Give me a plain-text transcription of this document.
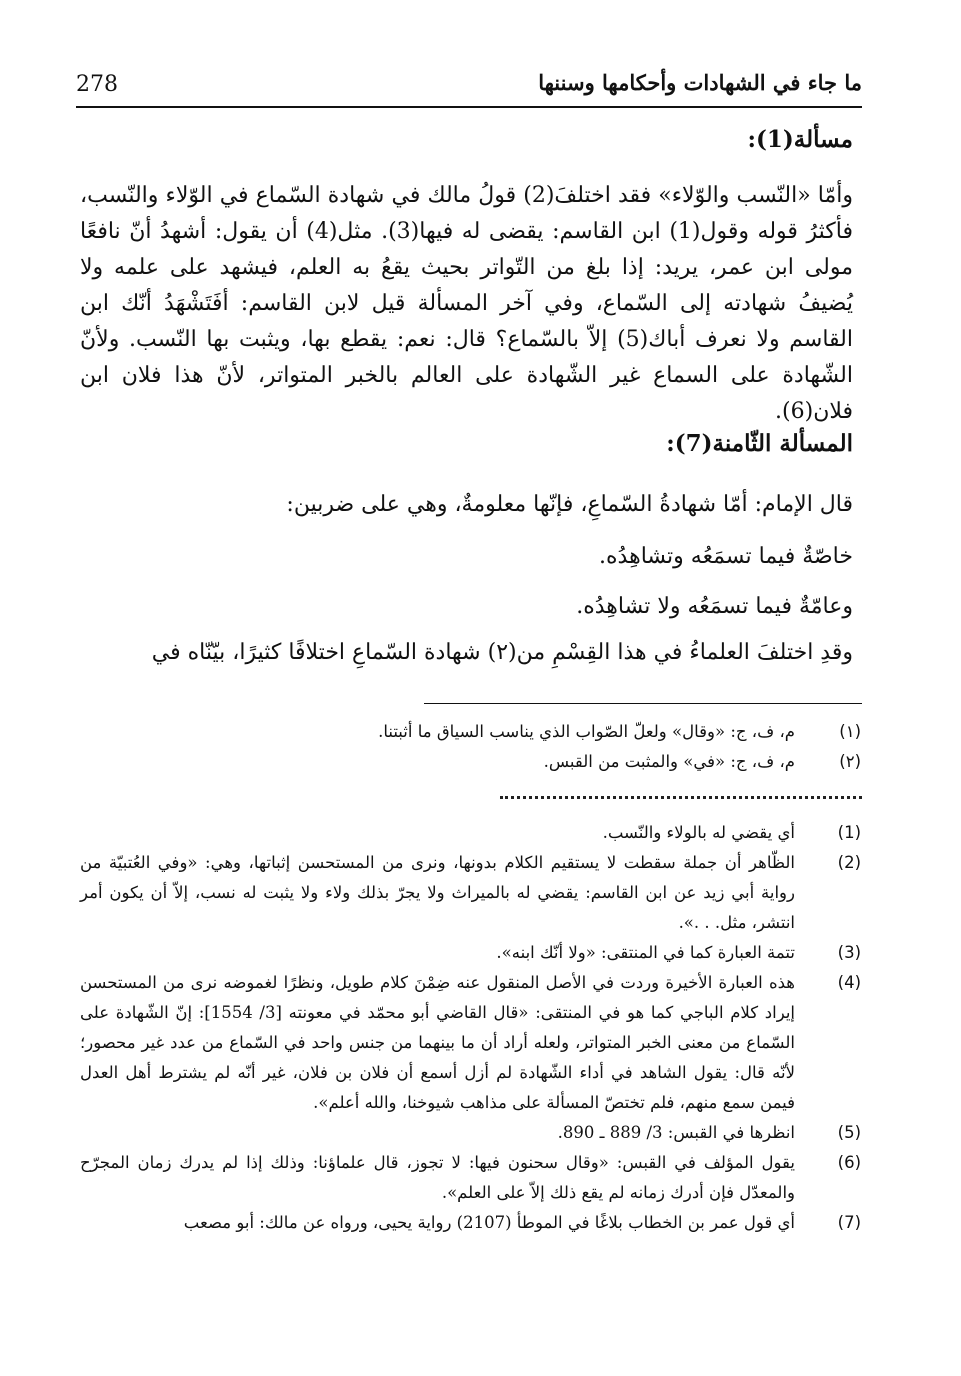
278	ما جاء في الشهادات وأحكامها وسننها
مسألة(1):
وأمّا «النّسب والوّلاء» فقد اختلفَ(2) قولُ مالك في شهادة السّماع في الوّلاء والنّسب، فأكثرُ قوله وقول(1) ابن القاسم: يقضى له فيها(3). مثل(4) أن يقول: أشهدُ أنّ نافعًا مولى ابن عمر، يريد: إذا بلغ من التّواتر بحيث يقعُ به العلم، فيشهد على علمه ولا يُضيفُ شهادته إلى السّماع، وفي آخر المسألة قيل لابن القاسم: أفَتَشْهَدُ أنّك ابن القاسم ولا نعرف أباك(5) إلاّ بالسّماع؟ قال: نعم: يقطع بها، ويثبت بها النّسب. ولأنّ الشّهادة على السماع غير الشّهادة على العالم بالخبر المتواتر، لأنّ هذا فلان ابن فلان(6).
المسألة الثّامنة(7):
قال الإمام: أمّا شهادةُ السّماعِ، فإنّها معلومةٌ، وهي على ضربين:
خاصّةٌ فيما تسمَعُه وتشاهِدُه.
وعامّةٌ فيما تسمَعُه ولا تشاهِدُه.
وقدِ اختلفَ العلماءُ في هذا القِسْمِ من(٢) شهادة السّماعِ اختلافًا كثيرًا، بيّنّاه في
(١)
م، ف، ج: «وقال» ولعلّ الصّواب الذي يناسب السياق ما أثبتنا.
(٢)
م، ف، ج: «في» والمثبت من القبس.
(1)
أي يقضي له بالولاء والنّسب.
(2)
الظّاهر أن جملة سقطت لا يستقيم الكلام بدونها، ونرى من المستحسن إثباتها، وهي: «وفي العُتبيّة من رواية أبي زيد عن ابن القاسم: يقضي له بالميراث ولا يجرّ بذلك ولاء ولا يثبت له نسب، إلاّ أن يكون أمر انتشر، مثل. . .».
(3)
تتمة العبارة كما في المنتقى: «ولا أنّك ابنه».
(4)
هذه العبارة الأخيرة وردت في الأصل المنقول عنه ضِمْنَ كلام طويل، ونظرًا لغموضه نرى من المستحسن إيراد كلام الباجي كما هو في المنتقى: «قال القاضي أبو محمّد في معونته [3/ 1554]: إنّ الشّهادة على السّماع من معنى الخبر المتواتر، ولعله أراد أن ما بينهما من جنس واحد في السّماع من عدد غير محصور؛ لأنّه قال: يقول الشاهد في أداء الشّهادة لم أزل أسمع أن فلان بن فلان، غير أنّه لم يشترط أهل العدل فيمن سمع منهم، فلم تختصّ المسألة على مذاهب شيوخنا، والله أعلم».
(5)
انظرها في القبس: 3/ 889 ـ 890.
(6)
يقول المؤلف في القبس: «وقال سحنون فيها: لا تجوز، قال علماؤنا: وذلك إذا لم يدرك زمان المجرّح والمعدّل فإن أدرك زمانه لم يقع ذلك إلاّ على العلم».
(7)
أي قول عمر بن الخطاب بلاغًا في الموطأ (2107) رواية يحيى، ورواه عن مالك: أبو مصعب
